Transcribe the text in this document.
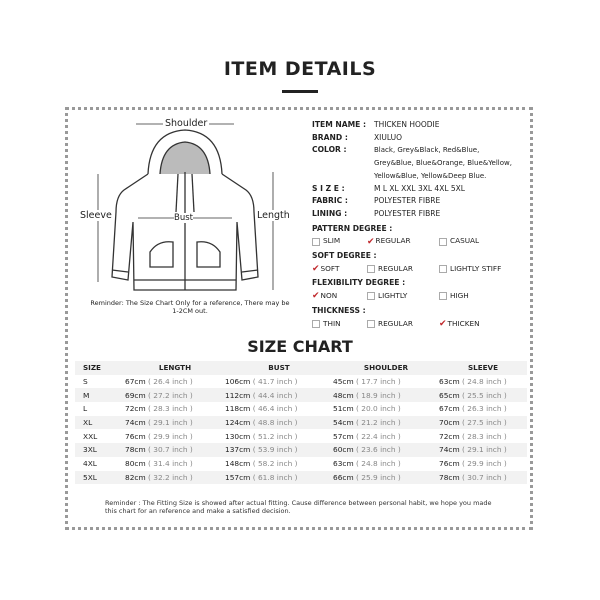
ITEM DETAILS
Shoulder
Sleeve	Bust	Length
Reminder: The Size Chart Only for a reference, There may be 1-2CM out.
ITEM NAME :	THICKEN HOODIE
BRAND :	XIULUO
COLOR :	Black, Grey&Black, Red&Blue,
Grey&Blue, Blue&Orange, Blue&Yellow,
Yellow&Blue, Yellow&Deep Blue.
S I Z E :	M L XL XXL 3XL 4XL 5XL
FABRIC :	POLYESTER FIBRE
LINING :	POLYESTER FIBRE
PATTERN DEGREE :
SLIM	✔ REGULAR	CASUAL
SOFT DEGREE :
✔ SOFT	REGULAR	LIGHTLY STIFF
FLEXIBILITY DEGREE :
✔ NON	LIGHTLY	HIGH
THICKNESS :
THIN	REGULAR	✔ THICKEN
SIZE CHART
SIZE	LENGTH	BUST	SHOULDER	SLEEVE
S	67cm ( 26.4 inch )	106cm ( 41.7 inch )	45cm ( 17.7 inch )	63cm ( 24.8 inch )
M	69cm ( 27.2 inch )	112cm ( 44.4 inch )	48cm ( 18.9 inch )	65cm ( 25.5 inch )
L	72cm ( 28.3 inch )	118cm ( 46.4 inch )	51cm ( 20.0 inch )	67cm ( 26.3 inch )
XL	74cm ( 29.1 inch )	124cm ( 48.8 inch )	54cm ( 21.2 inch )	70cm ( 27.5 inch )
XXL	76cm ( 29.9 inch )	130cm ( 51.2 inch )	57cm ( 22.4 inch )	72cm ( 28.3 inch )
3XL	78cm ( 30.7 inch )	137cm ( 53.9 inch )	60cm ( 23.6 inch )	74cm ( 29.1 inch )
4XL	80cm ( 31.4 inch )	148cm ( 58.2 inch )	63cm ( 24.8 inch )	76cm ( 29.9 inch )
5XL	82cm ( 32.2 inch )	157cm ( 61.8 inch )	66cm ( 25.9 inch )	78cm ( 30.7 inch )
Reminder : The Fitting Size is showed after actual fitting. Cause difference between personal habit, we hope you made this chart for an reference and make a satisfied decision.
